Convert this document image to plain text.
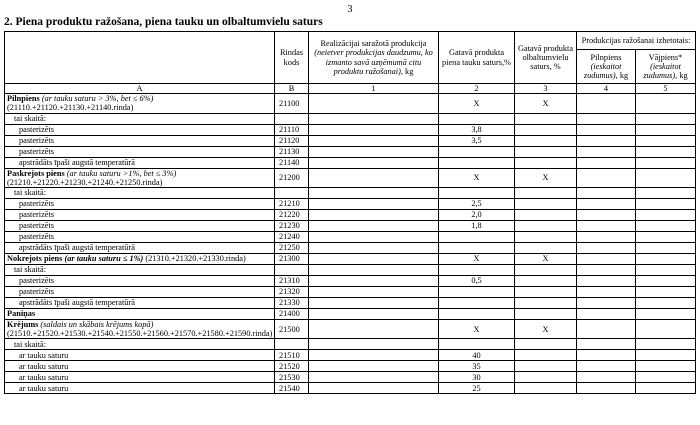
3
2. Piena produktu ražošana, piena tauku un olbaltumvielu saturs
	Rindas kods	Realizācijai saražotā produkcija (neietver produkcijas daudzumu, ko izmanto savā uzņēmumā citu produktu ražošanai), kg	Gatavā produkta piena tauku saturs,%	Gatavā produkta olbaltumvielu saturs, %	Produkcijas ražošanai izhetotais:	
					Pilnpiens (ieskaitot zudumus), kg	Vājpiens* (ieskaitot zudumus), kg
A	B	1	2	3	4	5
Pilnpiens (ar tauku saturu > 3%, bet ≤ 6%)
(21110.+21120.+21130.+21140.rinda)	21100		X	X		
tai skaitā:						
pasterizēts	21110		3,8			
pasterizēts	21120		3,5			
pasterizēts	21130					
apstrādāts īpaši augstā temperatūrā	21140					
Paskrejots piens (ar tauku saturu >1%, bet ≤ 3%)
(21210.+21220.+21230.+21240.+21250.rinda)	21200		X	X		
tai skaitā:						
pasterizēts	21210		2,5			
pasterizēts	21220		2,0			
pasterizēts	21230		1,8			
pasterizēts	21240					
apstrādāts īpaši augstā temperatūrā	21250					
Nokrejots piens (ar tauku saturu ≤ 1%) (21310.+21320.+21330.rinda)	21300		X	X		
tai skaitā:						
pasterizēts	21310		0,5			
pasterizēts	21320					
apstrādāts īpaši augstā temperatūrā	21330					
Paniņas	21400					
Krējums (saldais un skābais krējums kopā)
(21510.+21520.+21530.+21540.+21550.+21560.+21570.+21580.+21590.rinda)	21500		X	X		
tai skaitā:						
ar tauku saturu	21510		40			
ar tauku saturu	21520		35			
ar tauku saturu	21530		30			
ar tauku saturu	21540		25			
